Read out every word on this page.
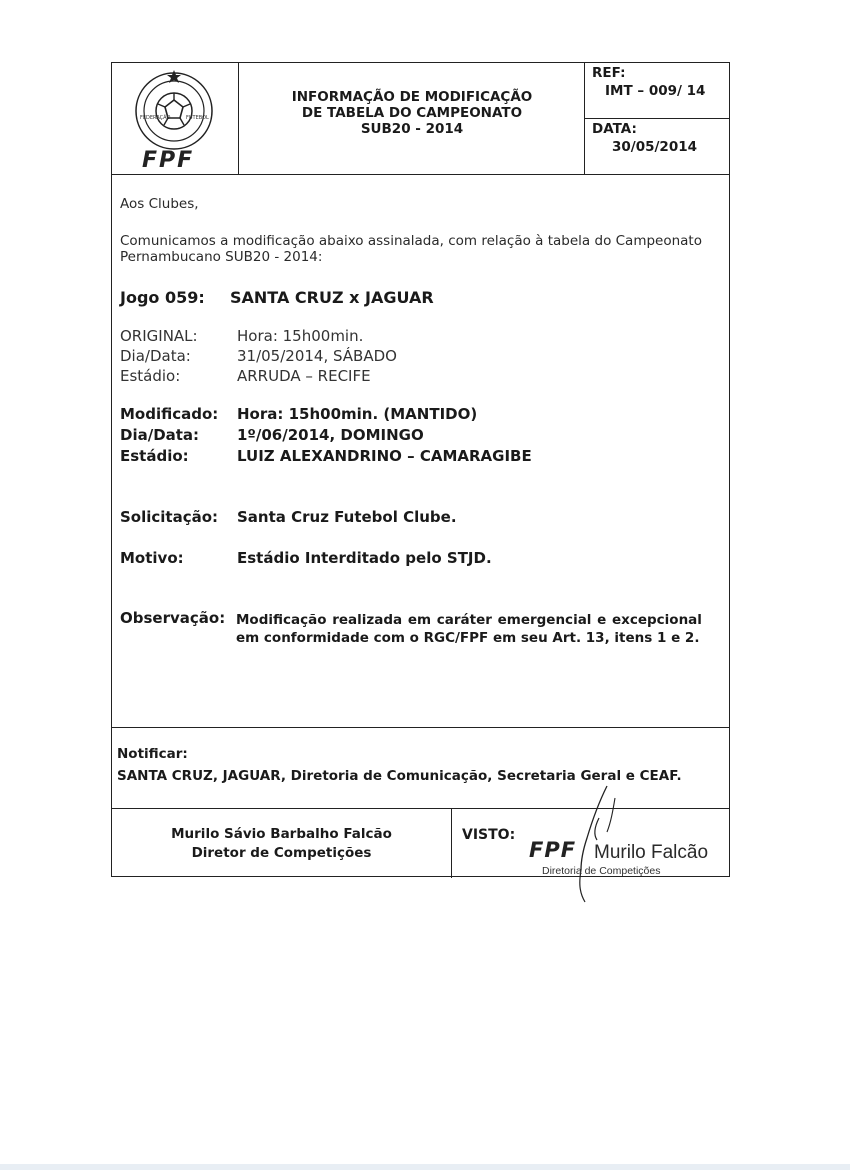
FEDERAÇÃO	FUTEBOL
FPF
INFORMAÇÃO DE MODIFICAÇÃO
DE TABELA DO CAMPEONATO
SUB20 - 2014
REF:
IMT – 009/ 14
DATA:
30/05/2014
Aos Clubes,
Comunicamos a modificação abaixo assinalada, com relação à tabela do Campeonato
Pernambucano SUB20 - 2014:
Jogo 059: SANTA CRUZ x JAGUAR
ORIGINAL:	Hora: 15h00min.
Dia/Data:	31/05/2014, SÁBADO
Estádio:	ARRUDA – RECIFE
Modificado: Hora: 15h00min. (MANTIDO)
Dia/Data:	1º/06/2014, DOMINGO
Estádio:	LUIZ ALEXANDRINO – CAMARAGIBE
Solicitação: Santa Cruz Futebol Clube.
Motivo:	Estádio Interditado pelo STJD.
Observação: Modificação realizada em caráter emergencial e excepcional
em conformidade com o RGC/FPF em seu Art. 13, itens 1 e 2.
Notificar:
SANTA CRUZ, JAGUAR, Diretoria de Comunicação, Secretaria Geral e CEAF.
Murilo Sávio Barbalho Falcão
Diretor de Competições
VISTO:
FPF Murilo Falcão
Diretoria de Competições
